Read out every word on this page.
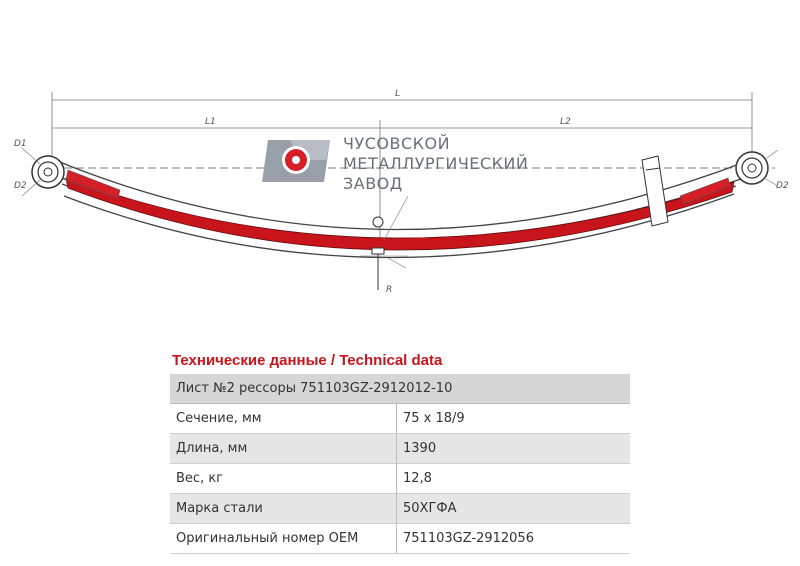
L
L1	L2
D1
D2	D2
R
ЧУСОВСКОЙ
МЕТАЛЛУРГИЧЕСКИЙ
ЗАВОД
Технические данные / Technical data
Лист №2 рессоры 751103GZ-2912012-10	
Сечение, мм	75 x 18/9
Длина, мм	1390
Вес, кг	12,8
Марка стали	50ХГФА
Оригинальный номер OEM	751103GZ-2912056
